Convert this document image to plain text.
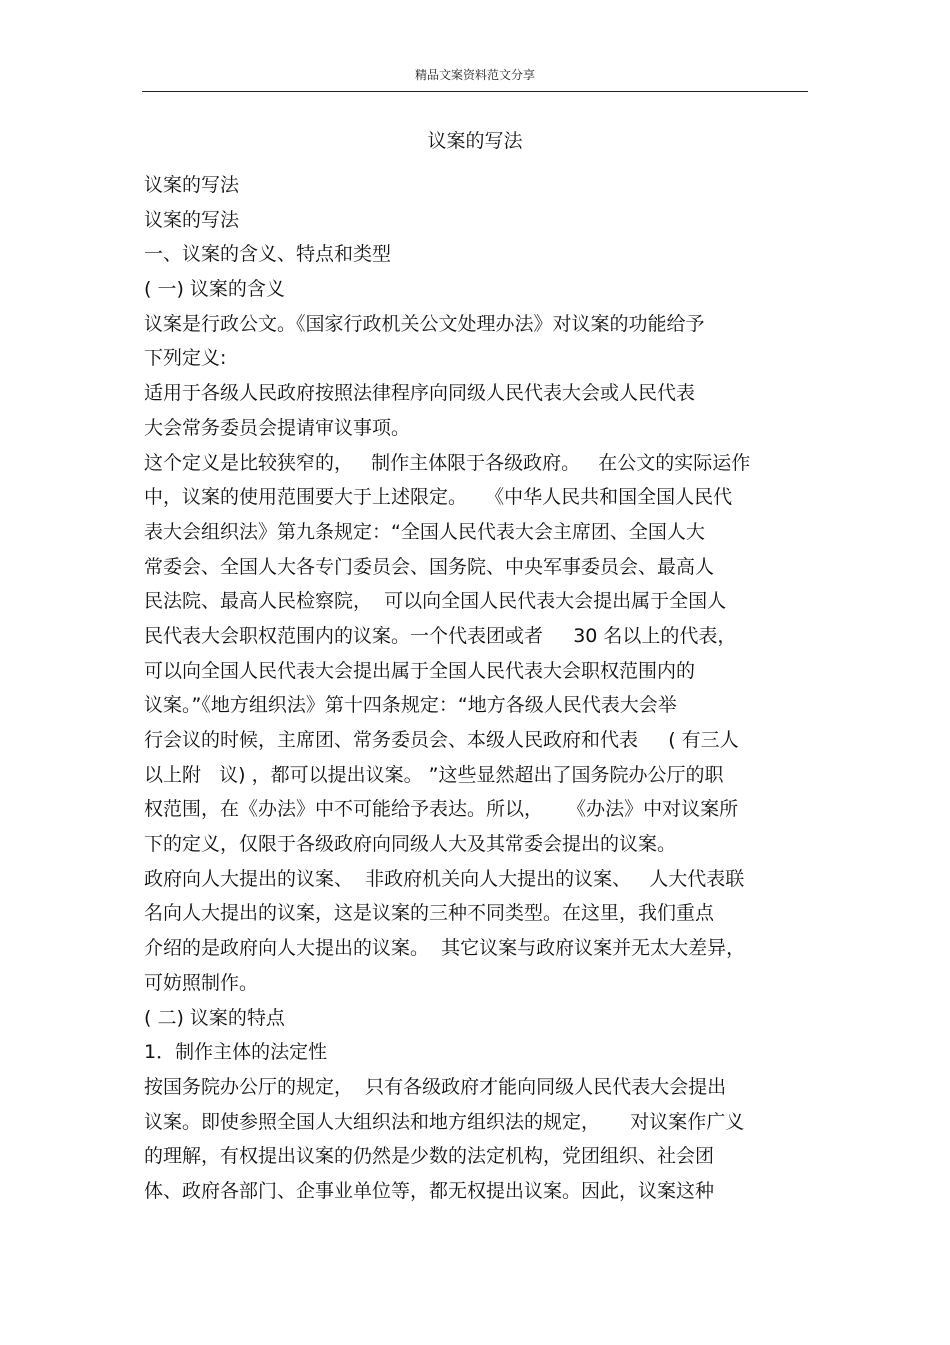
精品文案资料范文分享
议案的写法
议案的写法
议案的写法
一、议案的含义、特点和类型
( 一) 议案的含义
议案是行政公文。《国家行政机关公文处理办法》对议案的功能给予
下列定义:
适用于各级人民政府按照法律程序向同级人民代表大会或人民代表
大会常务委员会提请审议事项。
这个定义是比较狭窄的，   制作主体限于各级政府。   在公文的实际运作
中，议案的使用范围要大于上述限定。   《中华人民共和国全国人民代
表大会组织法》第九条规定：“全国人民代表大会主席团、全国人大
常委会、全国人大各专门委员会、国务院、中央军事委员会、最高人
民法院、最高人民检察院，  可以向全国人民代表大会提出属于全国人
民代表大会职权范围内的议案。一个代表团或者     30 名以上的代表，
可以向全国人民代表大会提出属于全国人民代表大会职权范围内的
议案。”《地方组织法》第十四条规定：“地方各级人民代表大会举
行会议的时候，主席团、常务委员会、本级人民政府和代表     ( 有三人
以上附   议) ，都可以提出议案。 ”这些显然超出了国务院办公厅的职
权范围，在《办法》中不可能给予表达。所以，    《办法》中对议案所
下的定义，仅限于各级政府向同级人大及其常委会提出的议案。
政府向人大提出的议案、  非政府机关向人大提出的议案、   人大代表联
名向人大提出的议案，这是议案的三种不同类型。在这里，我们重点
介绍的是政府向人大提出的议案。  其它议案与政府议案并无太大差异，
可妨照制作。
( 二) 议案的特点
1．制作主体的法定性
按国务院办公厅的规定，  只有各级政府才能向同级人民代表大会提出
议案。即使参照全国人大组织法和地方组织法的规定，     对议案作广义
的理解，有权提出议案的仍然是少数的法定机构，党团组织、社会团
体、政府各部门、企事业单位等，都无权提出议案。因此，议案这种
